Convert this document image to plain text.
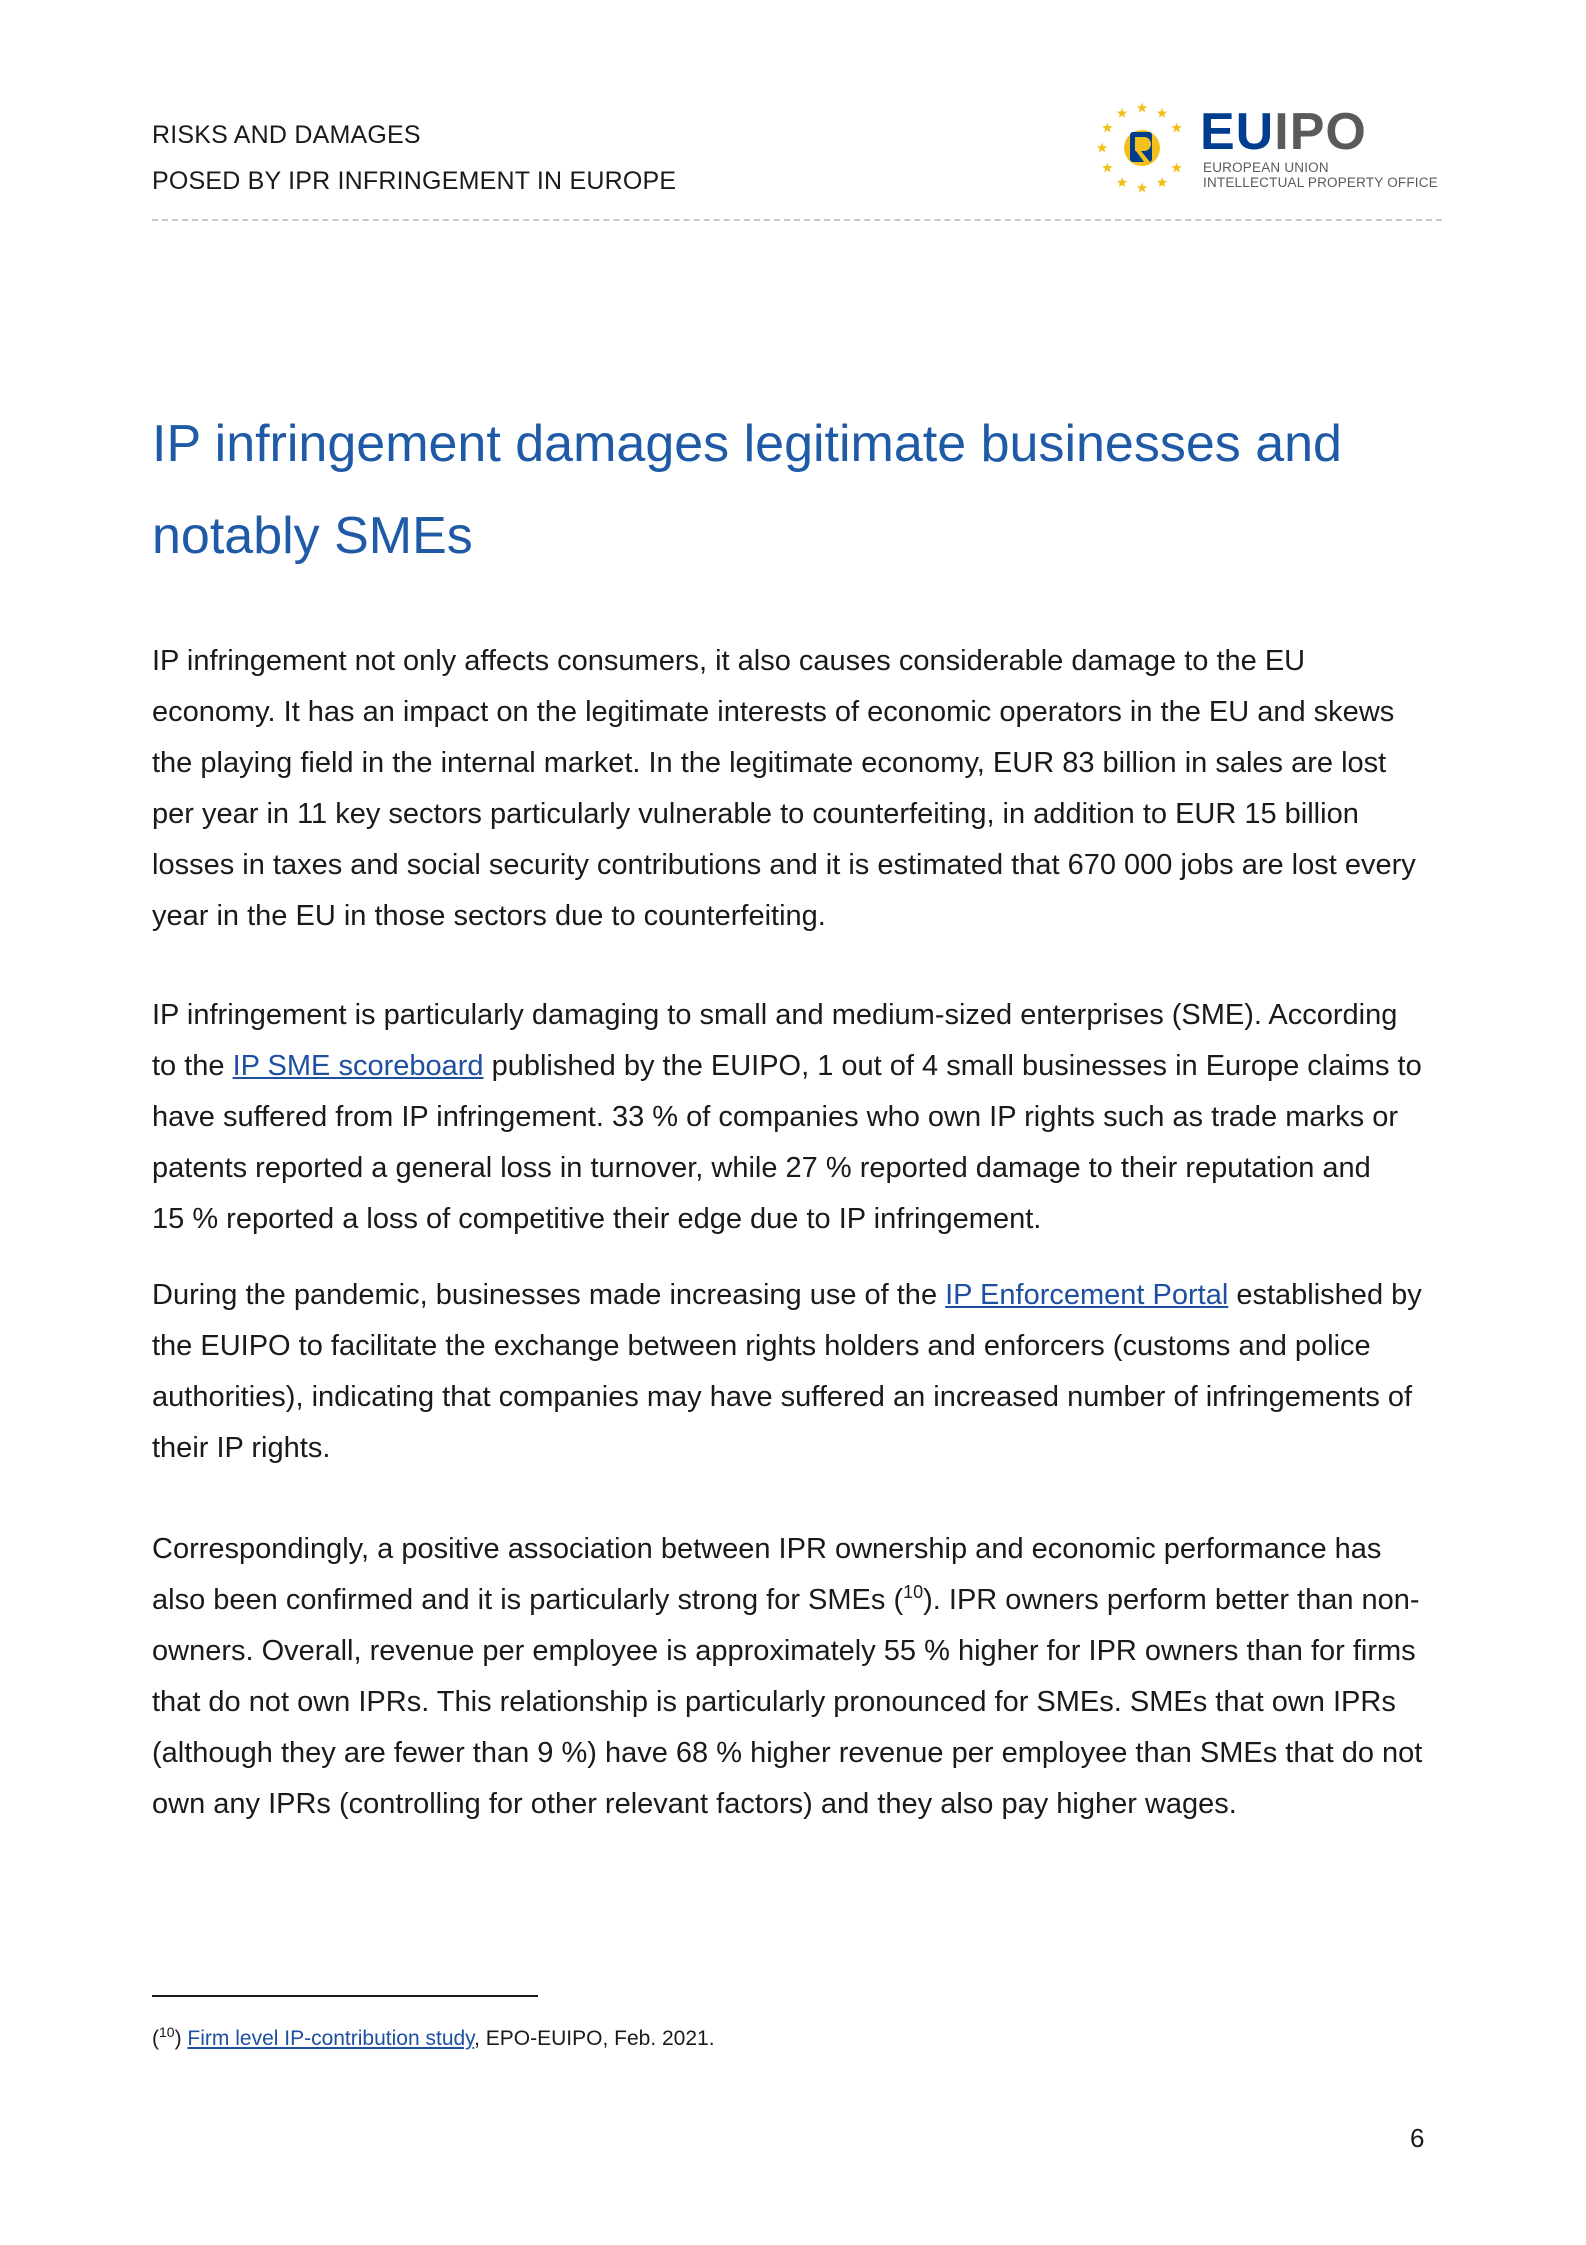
RISKS AND DAMAGES
POSED BY IPR INFRINGEMENT IN EUROPE
EUIPO
EUROPEAN UNION
INTELLECTUAL PROPERTY OFFICE
IP infringement damages legitimate businesses and
notably SMEs

IP infringement not only affects consumers, it also causes considerable damage to the EU
economy. It has an impact on the legitimate interests of economic operators in the EU and skews
the playing field in the internal market. In the legitimate economy, EUR 83 billion in sales are lost
per year in 11 key sectors particularly vulnerable to counterfeiting, in addition to EUR 15 billion
losses in taxes and social security contributions and it is estimated that 670 000 jobs are lost every
year in the EU in those sectors due to counterfeiting.

IP infringement is particularly damaging to small and medium-sized enterprises (SME). According
to the IP SME scoreboard published by the EUIPO, 1 out of 4 small businesses in Europe claims to
have suffered from IP infringement. 33 % of companies who own IP rights such as trade marks or
patents reported a general loss in turnover, while 27 % reported damage to their reputation and
15 % reported a loss of competitive their edge due to IP infringement.

During the pandemic, businesses made increasing use of the IP Enforcement Portal established by
the EUIPO to facilitate the exchange between rights holders and enforcers (customs and police
authorities), indicating that companies may have suffered an increased number of infringements of
their IP rights.

Correspondingly, a positive association between IPR ownership and economic performance has
also been confirmed and it is particularly strong for SMEs ($^{10}$). IPR owners perform better than non-
owners. Overall, revenue per employee is approximately 55 % higher for IPR owners than for firms
that do not own IPRs. This relationship is particularly pronounced for SMEs. SMEs that own IPRs
(although they are fewer than 9 %) have 68 % higher revenue per employee than SMEs that do not
own any IPRs (controlling for other relevant factors) and they also pay higher wages.

($^{10}$) Firm level IP-contribution study, EPO-EUIPO, Feb. 2021.
6
